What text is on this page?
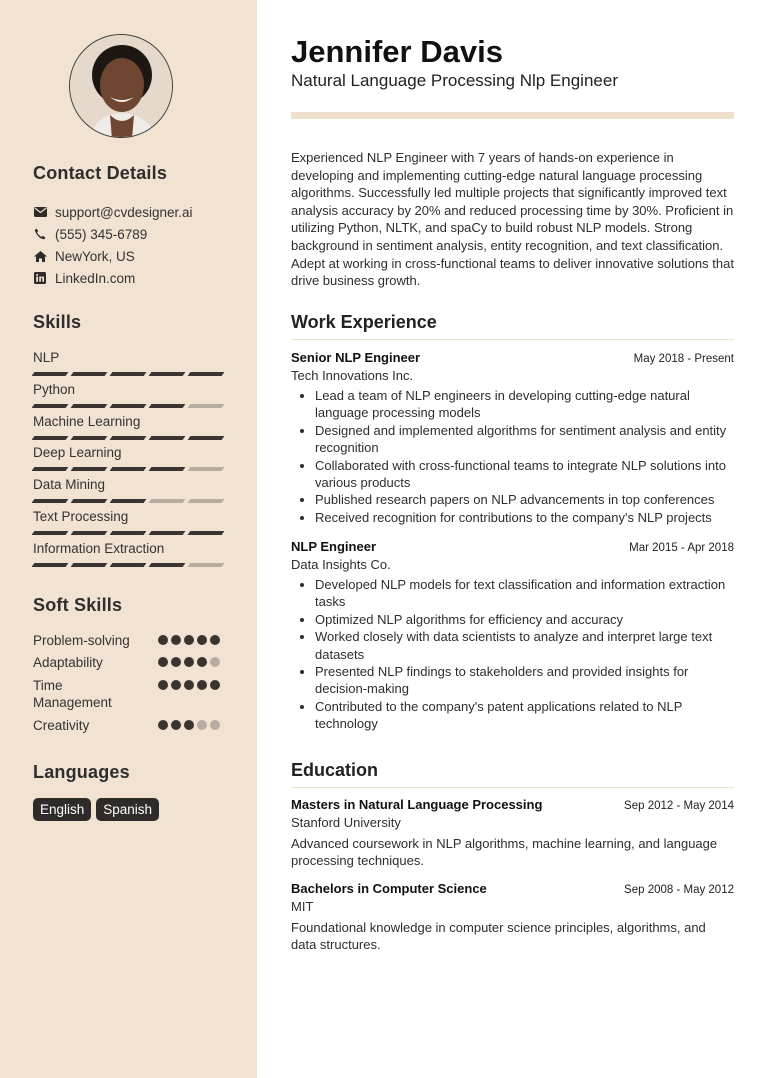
Contact Details
support@cvdesigner.ai
(555) 345-6789
NewYork, US
LinkedIn.com
Skills
NLP
Python
Machine Learning
Deep Learning
Data Mining
Text Processing
Information Extraction
Soft Skills
Problem-solving
Adaptability
Time Management
Creativity
Languages
English	Spanish
Jennifer Davis
Natural Language Processing Nlp Engineer
Experienced NLP Engineer with 7 years of hands-on experience in developing and implementing cutting-edge natural language processing algorithms. Successfully led multiple projects that significantly improved text analysis accuracy by 20% and reduced processing time by 30%. Proficient in utilizing Python, NLTK, and spaCy to build robust NLP models. Strong background in sentiment analysis, entity recognition, and text classification. Adept at working in cross-functional teams to deliver innovative solutions that drive business growth.
Work Experience
Senior NLP Engineer	May 2018 - Present
Tech Innovations Inc.
• Lead a team of NLP engineers in developing cutting-edge natural language processing models
• Designed and implemented algorithms for sentiment analysis and entity recognition
• Collaborated with cross-functional teams to integrate NLP solutions into various products
• Published research papers on NLP advancements in top conferences
• Received recognition for contributions to the company's NLP projects
NLP Engineer	Mar 2015 - Apr 2018
Data Insights Co.
• Developed NLP models for text classification and information extraction tasks
• Optimized NLP algorithms for efficiency and accuracy
• Worked closely with data scientists to analyze and interpret large text datasets
• Presented NLP findings to stakeholders and provided insights for decision-making
• Contributed to the company's patent applications related to NLP technology
Education
Masters in Natural Language Processing	Sep 2012 - May 2014
Stanford University
Advanced coursework in NLP algorithms, machine learning, and language processing techniques.
Bachelors in Computer Science	Sep 2008 - May 2012
MIT
Foundational knowledge in computer science principles, algorithms, and data structures.
